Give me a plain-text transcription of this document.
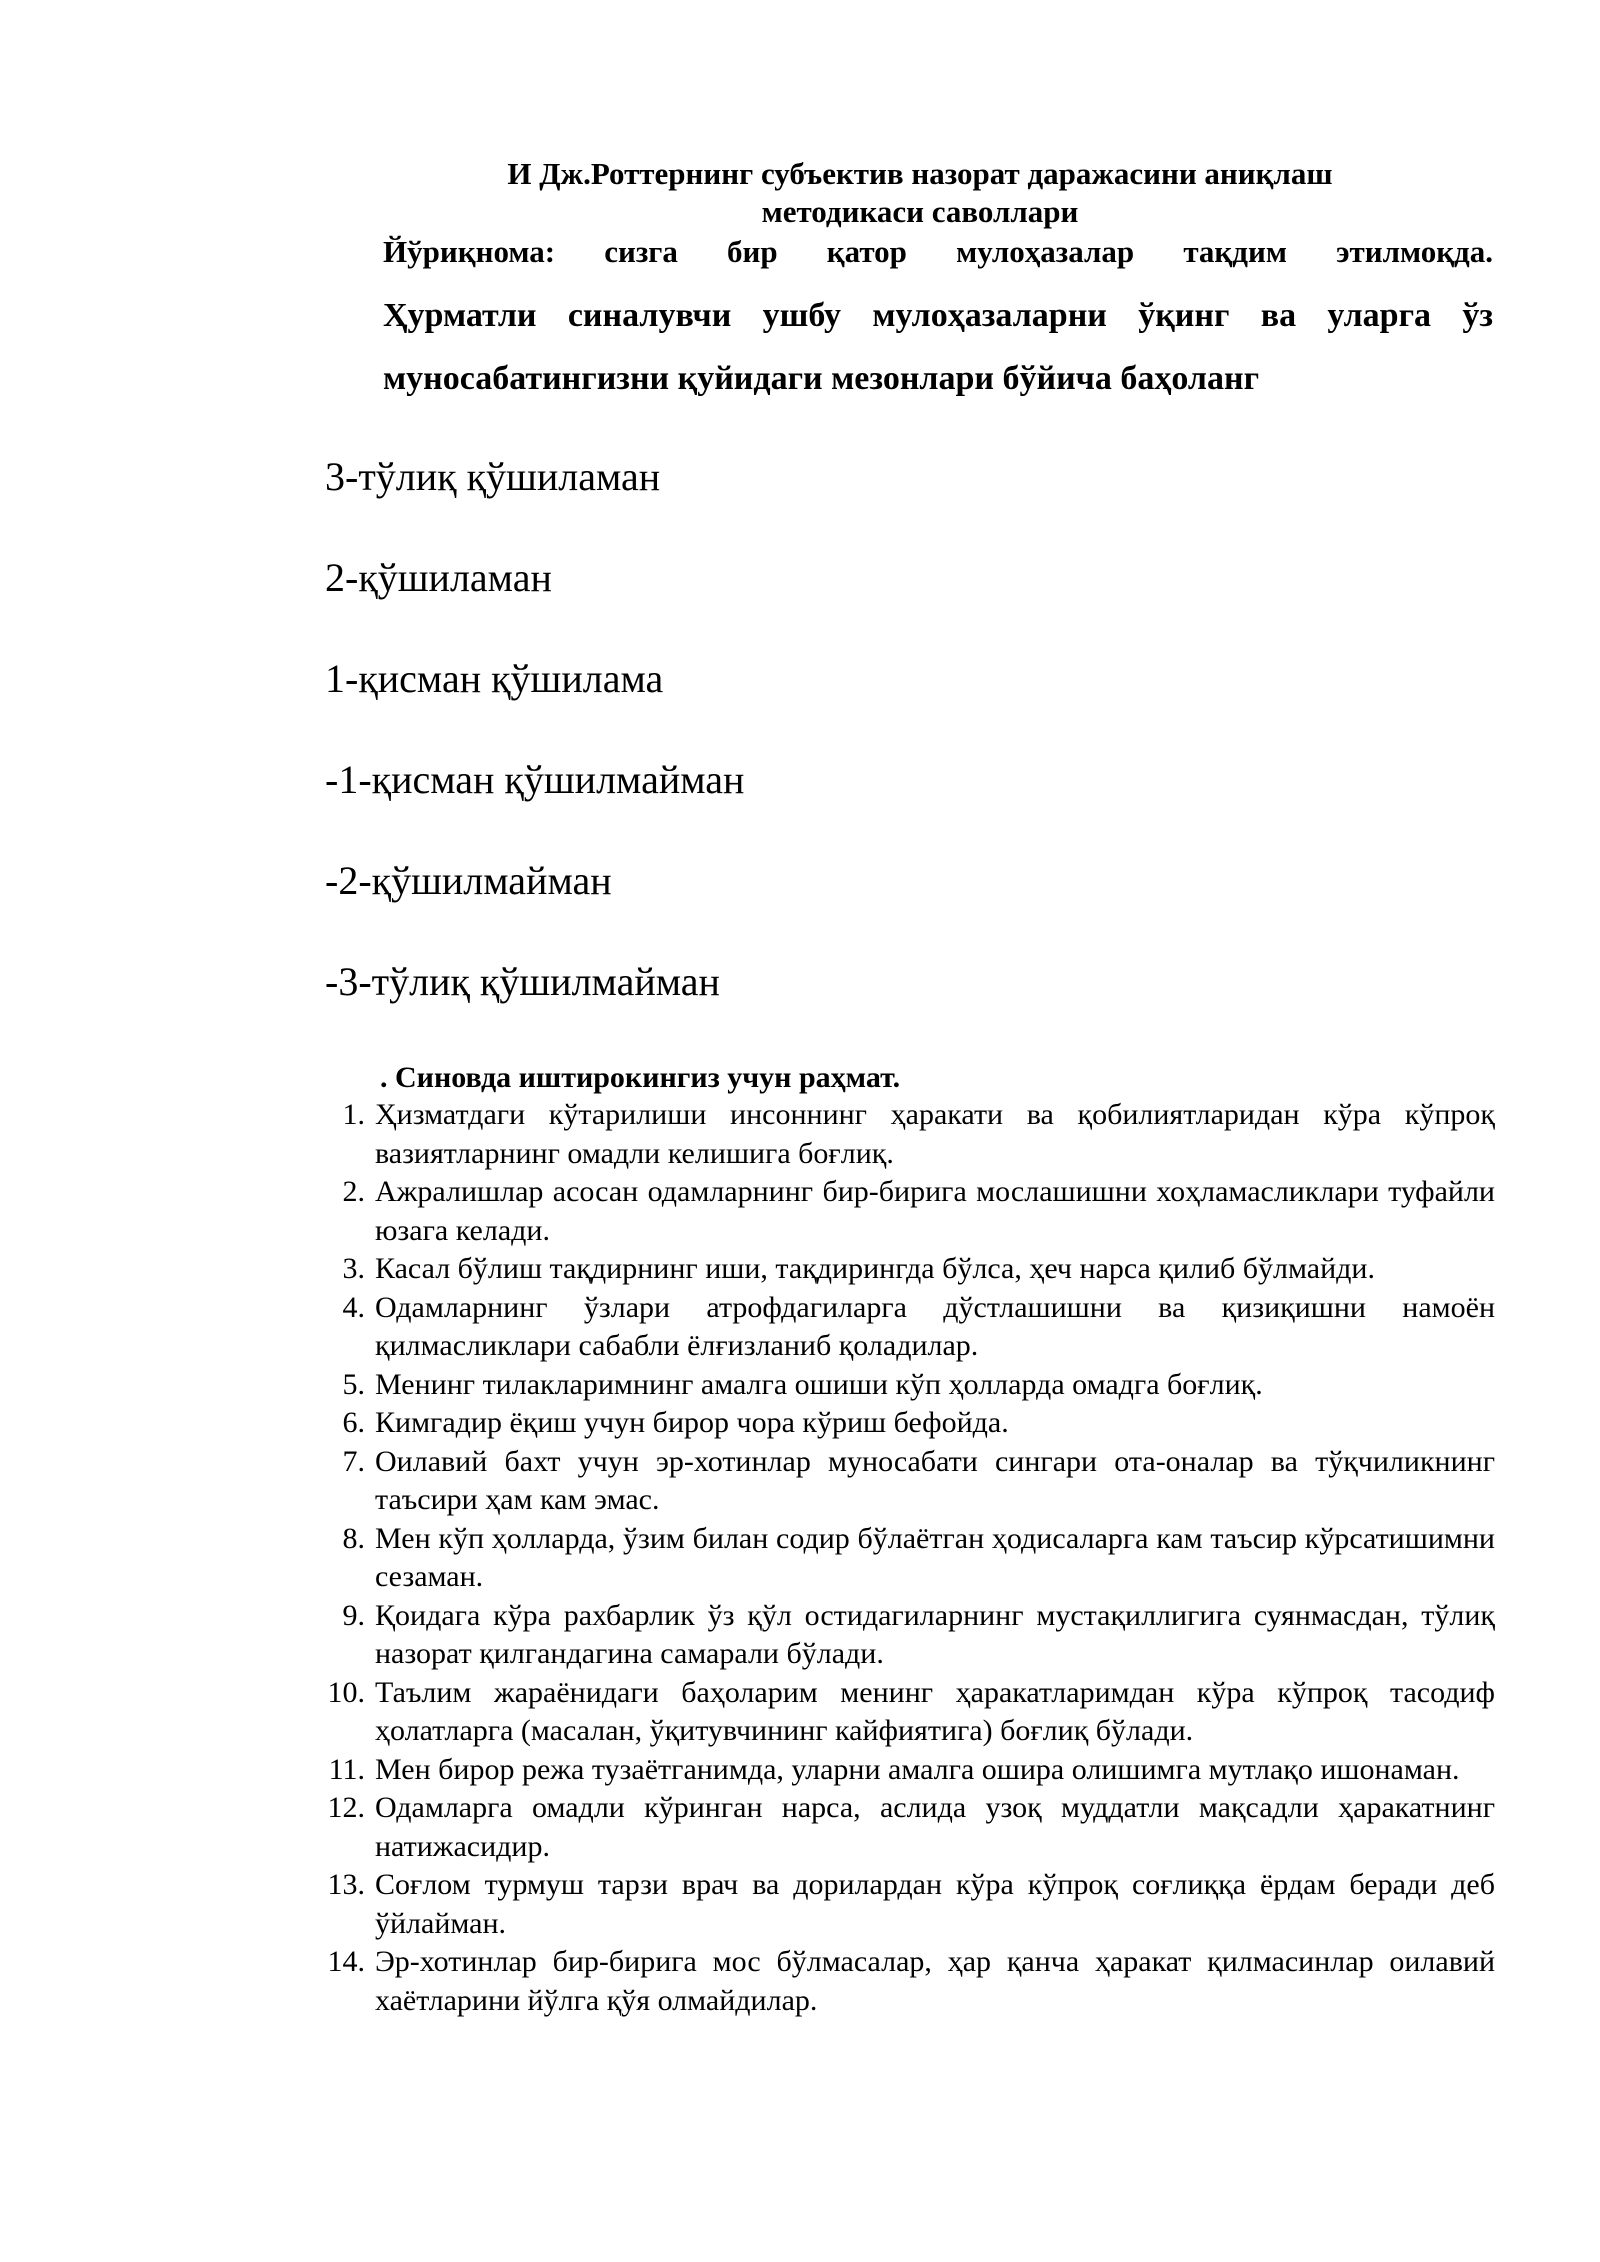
И Дж.Роттернинг субъектив назорат даражасини аниқлаш
методикаси саволлари
Йўриқнома: сизга бир қатор мулоҳазалар тақдим этилмоқда.
Ҳурматли синалувчи ушбу мулоҳазаларни ўқинг ва уларга ўз
муносабатингизни қуйидаги мезонлари бўйича баҳоланг
3-тўлиқ қўшиламан
2-қўшиламан
1-қисман қўшилама
-1-қисман қўшилмайман
-2-қўшилмайман
-3-тўлиқ қўшилмайман
. Синовда иштирокингиз учун раҳмат.
1. Ҳизматдаги кўтарилиши инсоннинг ҳаракати ва қобилиятларидан кўра кўпроқ вазиятларнинг омадли келишига боғлиқ.
2. Ажралишлар асосан одамларнинг бир-бирига мослашишни хоҳламасликлари туфайли юзага келади.
3. Касал бўлиш тақдирнинг иши, тақдирингда бўлса, ҳеч нарса қилиб бўлмайди.
4. Одамларнинг ўзлари атрофдагиларга дўстлашишни ва қизиқишни намоён қилмасликлари сабабли ёлғизланиб қоладилар.
5. Менинг тилакларимнинг амалга ошиши кўп ҳолларда омадга боғлиқ.
6. Кимгадир ёқиш учун бирор чора кўриш бефойда.
7. Оилавий бахт учун эр-хотинлар муносабати сингари ота-оналар ва тўқчиликнинг таъсири ҳам кам эмас.
8. Мен кўп ҳолларда, ўзим билан содир бўлаётган ҳодисаларга кам таъсир кўрсатишимни сезаман.
9. Қоидага кўра рахбарлик ўз қўл остидагиларнинг мустақиллигига суянмасдан, тўлиқ назорат қилгандагина самарали бўлади.
10. Таълим жараёнидаги баҳоларим менинг ҳаракатларимдан кўра кўпроқ тасодиф ҳолатларга (масалан, ўқитувчининг кайфиятига) боғлиқ бўлади.
11. Мен бирор режа тузаётганимда, уларни амалга ошира олишимга мутлақо ишонаман.
12. Одамларга омадли кўринган нарса, аслида узоқ муддатли мақсадли ҳаракатнинг натижасидир.
13. Соғлом турмуш тарзи врач ва дорилардан кўра кўпроқ соғлиққа ёрдам беради деб ўйлайман.
14. Эр-хотинлар бир-бирига мос бўлмасалар, ҳар қанча ҳаракат қилмасинлар оилавий хаётларини йўлга қўя олмайдилар.
